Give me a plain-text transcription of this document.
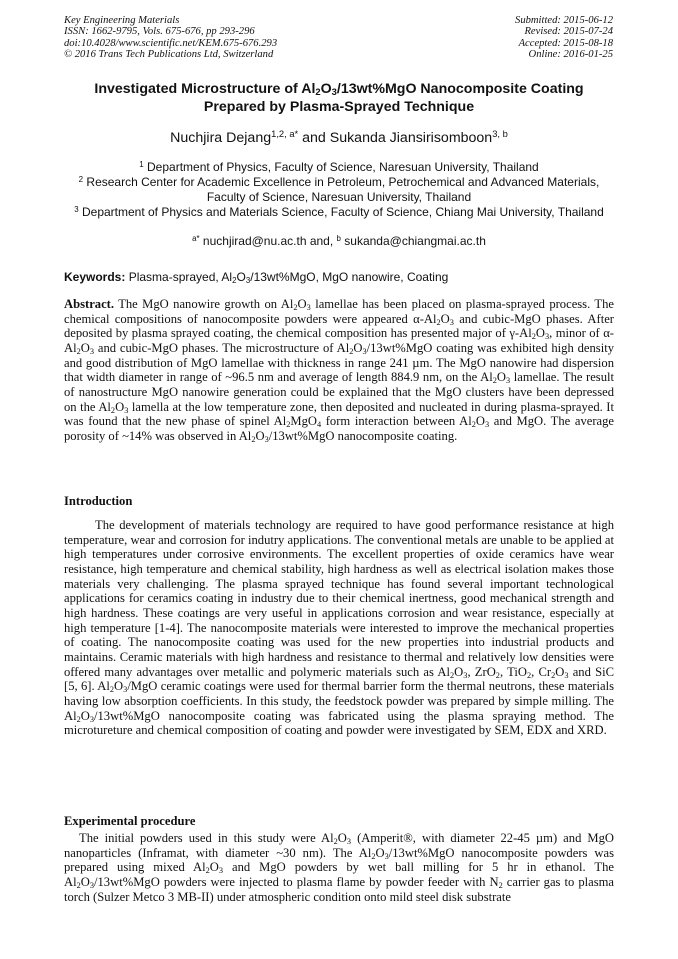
Key Engineering Materials
ISSN: 1662-9795, Vols. 675-676, pp 293-296
doi:10.4028/www.scientific.net/KEM.675-676.293
© 2016 Trans Tech Publications Ltd, Switzerland
Submitted: 2015-06-12
Revised: 2015-07-24
Accepted: 2015-08-18
Online: 2016-01-25
Investigated Microstructure of $Al_2O_3/13wt\%MgO$ Nanocomposite Coating
Prepared by Plasma-Sprayed Technique
Nuchjira Dejang$^{1,2, a*}$ and Sukanda Jiansirisomboon$^{3, b}$
$^1$ Department of Physics, Faculty of Science, Naresuan University, Thailand
$^2$ Research Center for Academic Excellence in Petroleum, Petrochemical and Advanced Materials,
Faculty of Science, Naresuan University, Thailand
$^3$ Department of Physics and Materials Science, Faculty of Science, Chiang Mai University, Thailand
$^{a*}$ nuchjirad@nu.ac.th and, $^b$ sukanda@chiangmai.ac.th
Keywords: Plasma-sprayed, $Al_2O_3/13wt\%MgO$, MgO nanowire, Coating
Abstract. The MgO nanowire growth on $Al_2O_3$ lamellae has been placed on plasma-sprayed process. The chemical compositions of nanocomposite powders were appeared $\alpha-Al_2O_3$ and cubic-MgO phases. After deposited by plasma sprayed coating, the chemical composition has presented major of $\gamma-Al_2O_3$, minor of $\alpha-Al_2O_3$ and cubic-MgO phases. The microstructure of $Al_2O_3/13wt\%MgO$ coating was exhibited high density and good distribution of MgO lamellae with thickness in range 241 µm. The MgO nanowire had dispersion that width diameter in range of ~96.5 nm and average of length 884.9 nm, on the $Al_2O_3$ lamellae. The result of nanostructure MgO nanowire generation could be explained that the MgO clusters have been depressed on the $Al_2O_3$ lamella at the low temperature zone, then deposited and nucleated in during plasma-sprayed. It was found that the new phase of spinel $Al_2MgO_4$ form interaction between $Al_2O_3$ and MgO. The average porosity of ~14% was observed in $Al_2O_3/13wt\%MgO$ nanocomposite coating.
Introduction
The development of materials technology are required to have good performance resistance at high temperature, wear and corrosion for indutry applications. The conventional metals are unable to be applied at high temperatures under corrosive environments. The excellent properties of oxide ceramics have wear resistance, high temperature and chemical stability, high hardness as well as electrical isolation makes those materials very challenging. The plasma sprayed technique has found several important technological applications for ceramics coating in industry due to their chemical inertness, good mechanical strength and high hardness. These coatings are very useful in applications corrosion and wear resistance, especially at high temperature [1-4]. The nanocomposite materials were interested to improve the mechanical properties of coating. The nanocomposite coating was used for the new properties into industrial products and maintains. Ceramic materials with high hardness and resistance to thermal and relatively low densities were offered many advantages over metallic and polymeric materials such as $Al_2O_3$, ZrO$_2$, TiO$_2$, $Cr_2O_3$ and SiC [5, 6]. $Al_2O_3$/MgO ceramic coatings were used for thermal barrier form the thermal neutrons, these materials having low absorption coefficients. In this study, the feedstock powder was prepared by simple milling. The $Al_2O_3/13wt\%MgO$ nanocomposite coating was fabricated using the plasma spraying method. The microtureture and chemical composition of coating and powder were investigated by SEM, EDX and XRD.
Experimental procedure
The initial powders used in this study were $Al_2O_3$ (Amperit®, with diameter 22-45 µm) and MgO nanoparticles (Inframat, with diameter ~30 nm). The $Al_2O_3/13wt\%MgO$ nanocomposite powders was prepared using mixed $Al_2O_3$ and MgO powders by wet ball milling for 5 hr in ethanol. The $Al_2O_3/13wt\%MgO$ powders were injected to plasma flame by powder feeder with $N_2$ carrier gas to plasma torch (Sulzer Metco 3 MB-II) under atmospheric condition onto mild steel disk substrate
